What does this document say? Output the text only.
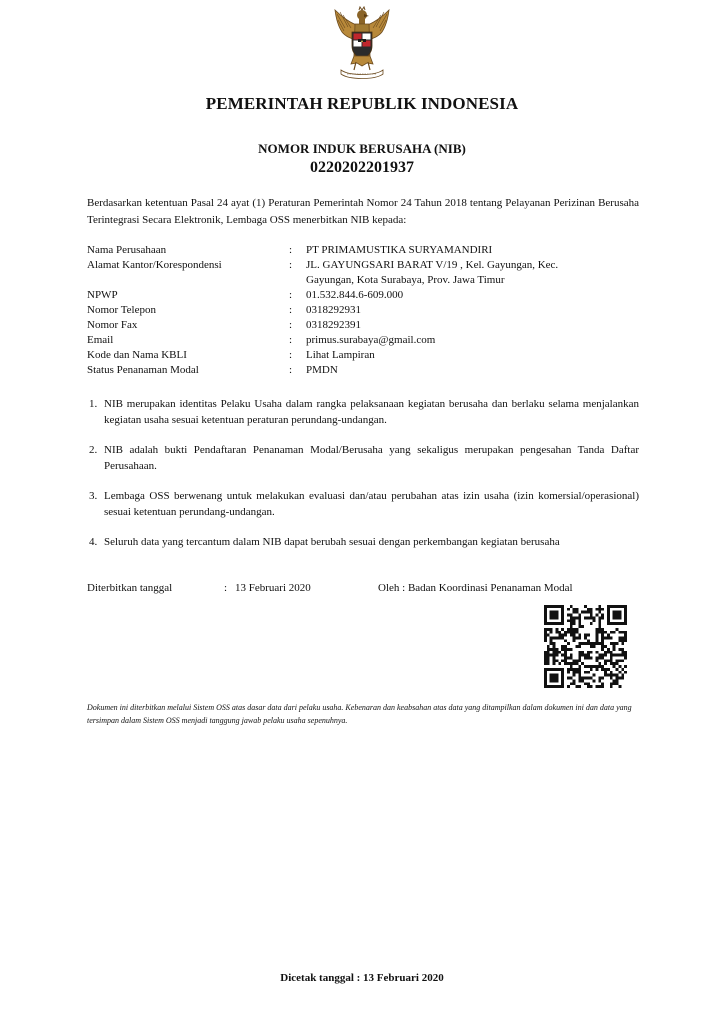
PEMERINTAH REPUBLIK INDONESIA
NOMOR INDUK BERUSAHA (NIB)
0220202201937
Berdasarkan ketentuan Pasal 24 ayat (1) Peraturan Pemerintah Nomor 24 Tahun 2018 tentang Pelayanan Perizinan Berusaha Terintegrasi Secara Elektronik, Lembaga OSS menerbitkan NIB kepada:
Nama Perusahaan	: PT PRIMAMUSTIKA SURYAMANDIRI
Alamat Kantor/Korespondensi	: JL. GAYUNGSARI BARAT V/19 , Kel. Gayungan, Kec.
Gayungan, Kota Surabaya, Prov. Jawa Timur
NPWP	: 01.532.844.6-609.000
Nomor Telepon	: 0318292931
Nomor Fax	: 0318292391
Email	: primus.surabaya@gmail.com
Kode dan Nama KBLI	: Lihat Lampiran
Status Penanaman Modal	: PMDN
1. NIB merupakan identitas Pelaku Usaha dalam rangka pelaksanaan kegiatan berusaha dan berlaku selama menjalankan kegiatan usaha sesuai ketentuan peraturan perundang-undangan.
2. NIB adalah bukti Pendaftaran Penanaman Modal/Berusaha yang sekaligus merupakan pengesahan Tanda Daftar Perusahaan.
3. Lembaga OSS berwenang untuk melakukan evaluasi dan/atau perubahan atas izin usaha (izin komersial/operasional) sesuai ketentuan perundang-undangan.
4. Seluruh data yang tercantum dalam NIB dapat berubah sesuai dengan perkembangan kegiatan berusaha
Diterbitkan tanggal	: 13 Februari 2020	Oleh : Badan Koordinasi Penanaman Modal
Dokumen ini diterbitkan melalui Sistem OSS atas dasar data dari pelaku usaha. Kebenaran dan keabsahan atas data yang ditampilkan dalam dokumen ini dan data yang tersimpan dalam Sistem OSS menjadi tanggung jawab pelaku usaha sepenuhnya.
Dicetak tanggal : 13 Februari 2020
